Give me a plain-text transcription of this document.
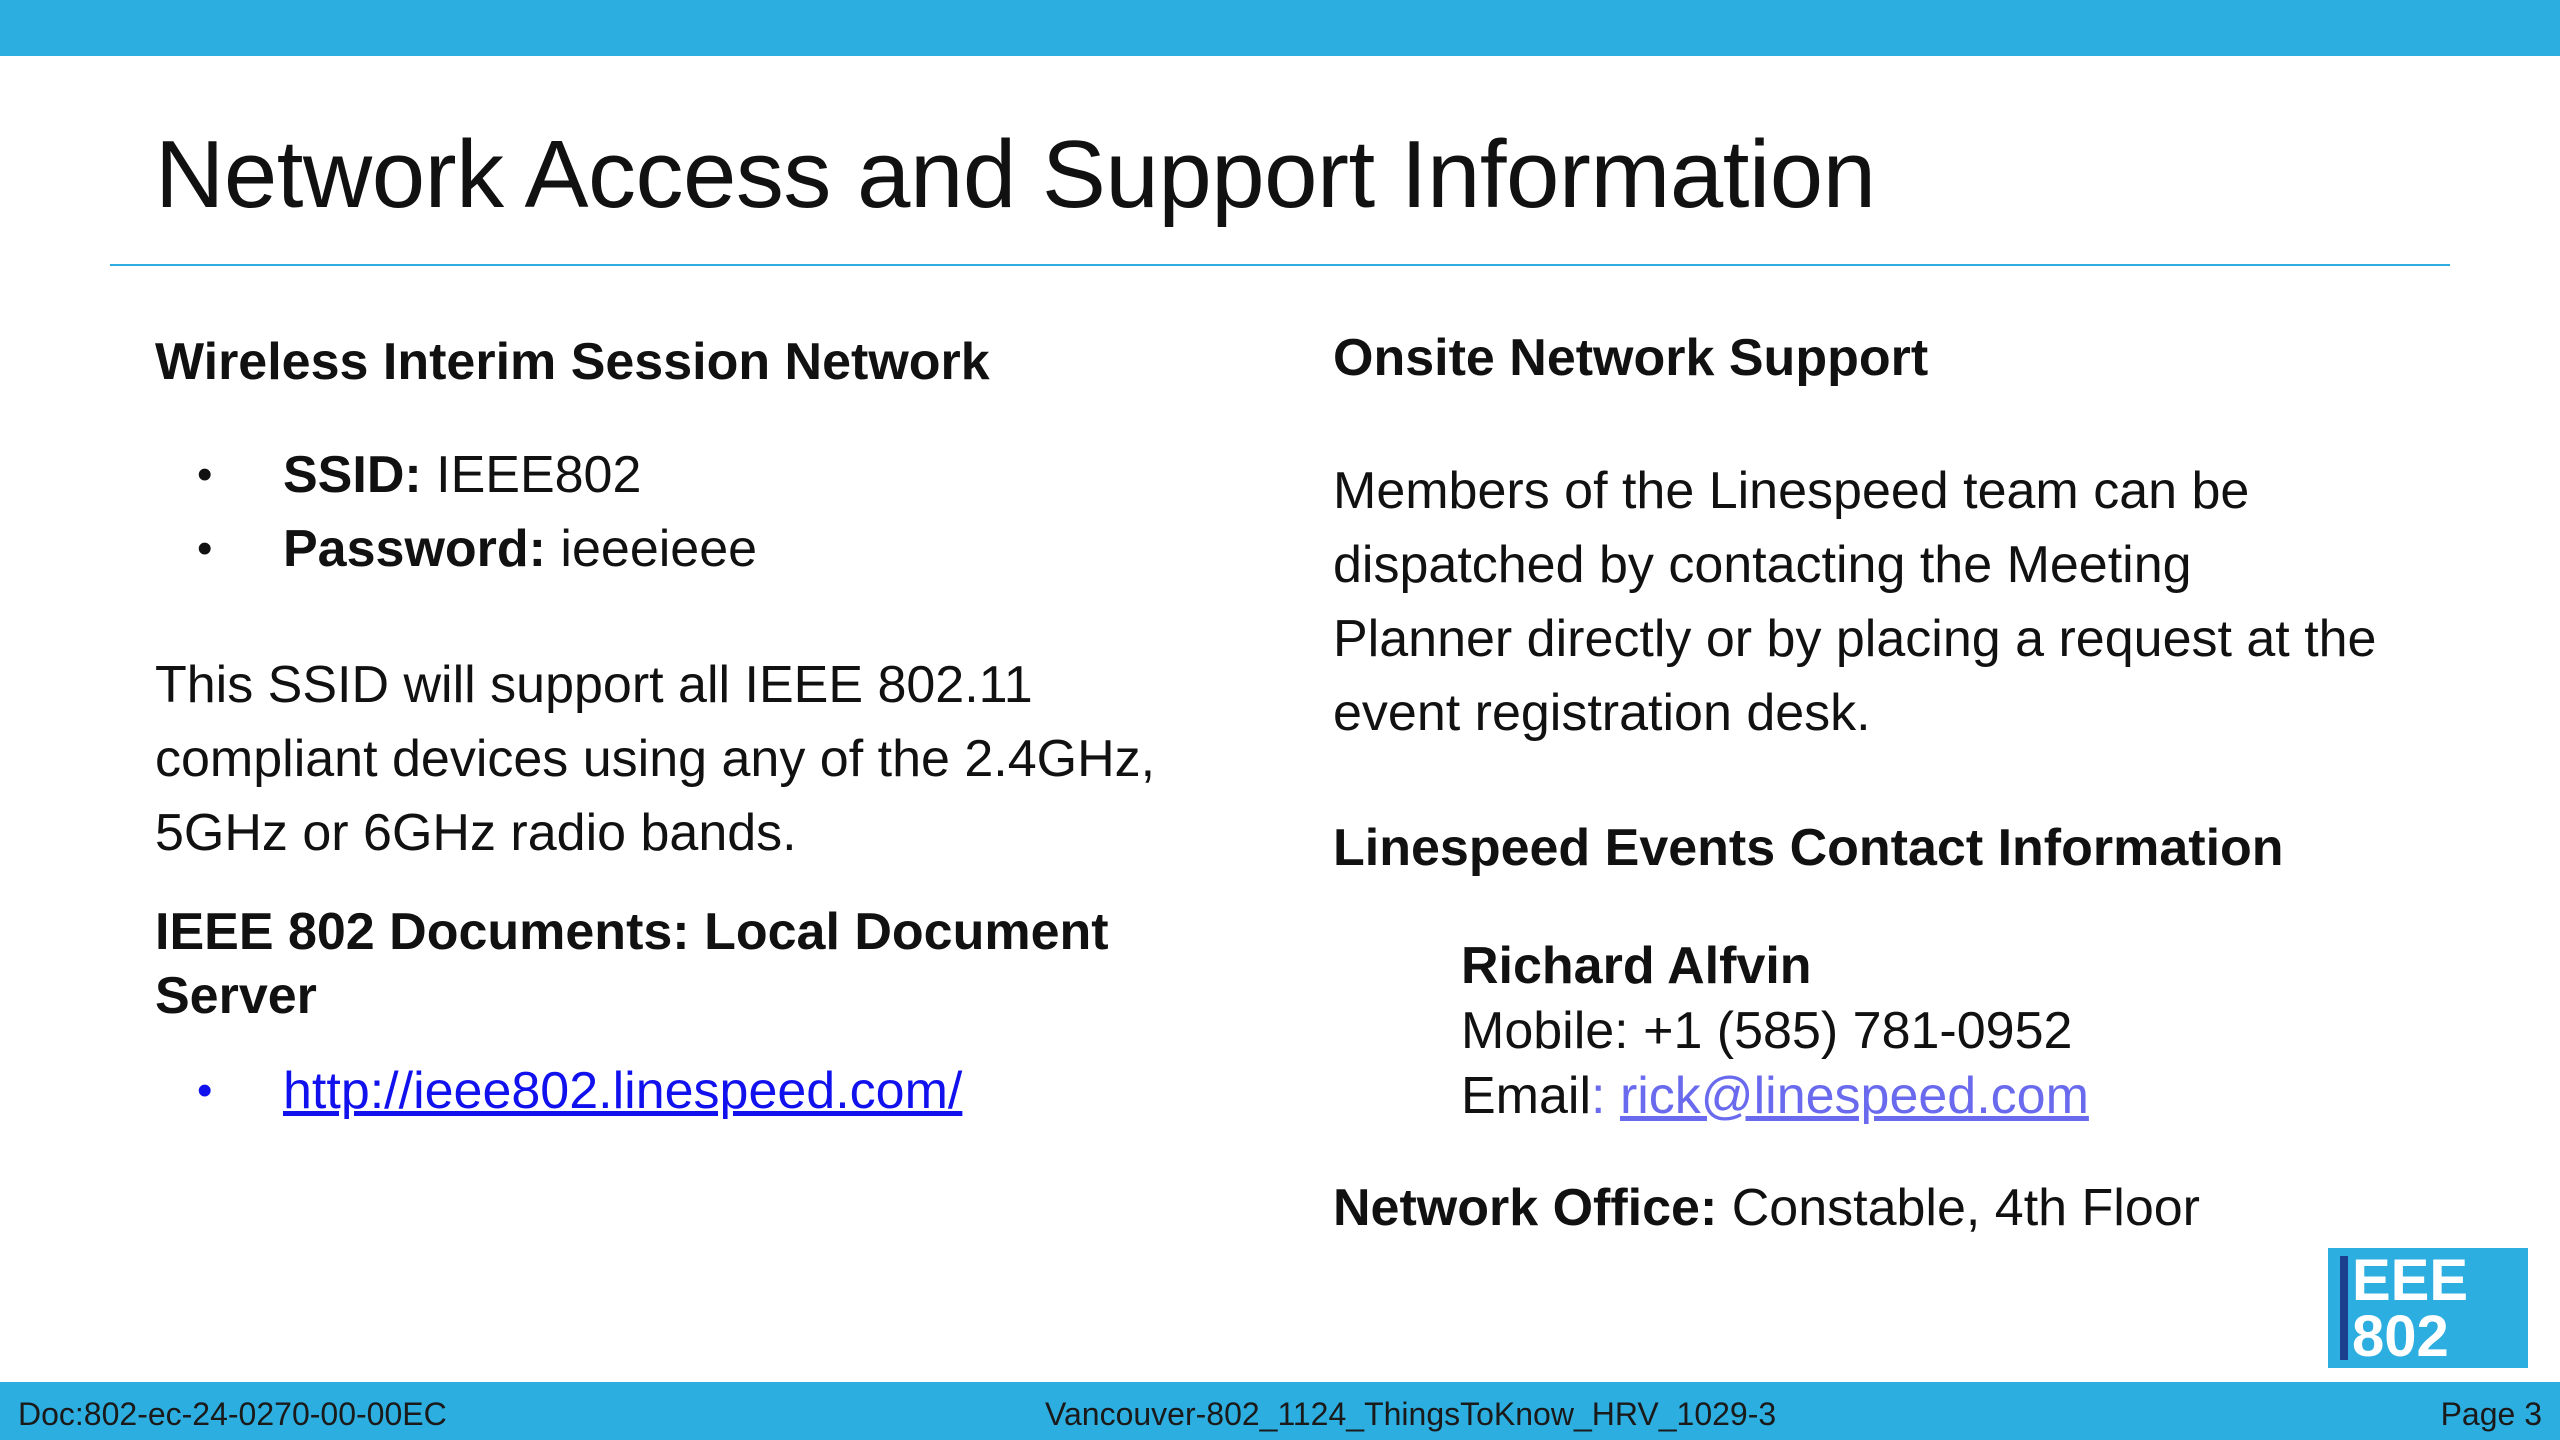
Network Access and Support Information

Wireless Interim Session Network

• SSID: IEEE802
• Password: ieeeieee

This SSID will support all IEEE 802.11

compliant devices using any of the 2.4GHz,

5GHz or 6GHz radio bands.

IEEE 802 Documents: Local Document

Server

• http://ieee802.linespeed.com/

Onsite Network Support

Members of the Linespeed team can be

dispatched by contacting the Meeting

Planner directly or by placing a request at the

event registration desk.

Linespeed Events Contact Information

Richard Alfvin
Mobile: +1 (585) 781-0952
Email: rick@linespeed.com

Network Office: Constable, 4th Floor

EEE
802
Doc:802-ec-24-0270-00-00EC	Vancouver-802_1124_ThingsToKnow_HRV_1029-3	Page 3
